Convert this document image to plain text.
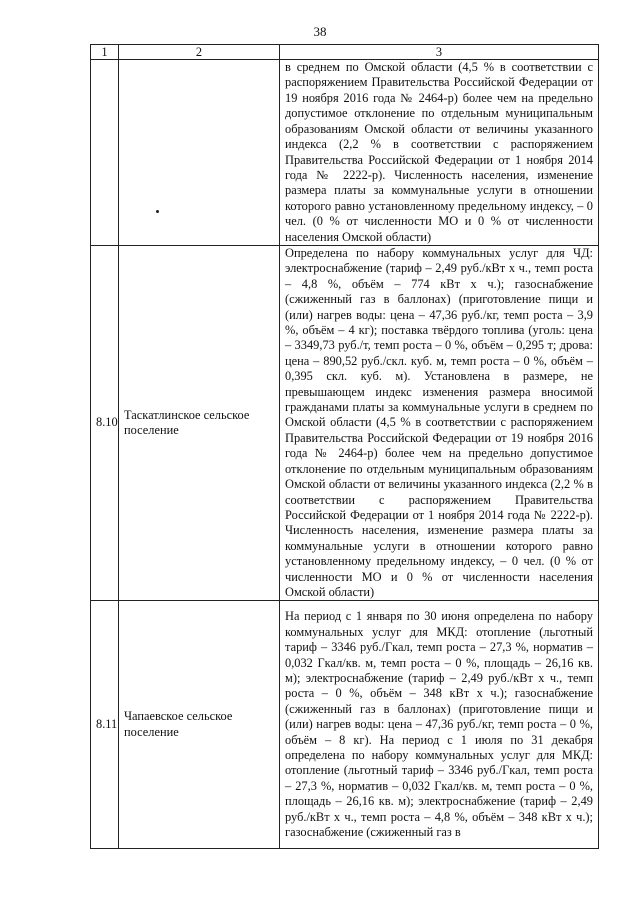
38
1	2	3
		в среднем по Омской области (4,5 % в соответствии с распоряжением Правительства Российской Федерации от 19 ноября 2016 года № 2464-р) более чем на предельно допустимое отклонение по отдельным муниципальным образованиям Омской области от величины указанного индекса (2,2 % в соответствии с распоряжением Правительства Российской Федерации от 1 ноября 2014 года № 2222-р). Численность населения, изменение размера платы за коммунальные услуги в отношении которого равно установленному предельному индексу, – 0 чел. (0 % от численности МО и 0 % от численности населения Омской области)
8.10	Таскатлинское сельское поселение	Определена по набору коммунальных услуг для ЧД: электроснабжение (тариф – 2,49 руб./кВт х ч., темп роста – 4,8 %, объём – 774 кВт х ч.); газоснабжение (сжиженный газ в баллонах) (приготовление пищи и (или) нагрев воды: цена – 47,36 руб./кг, темп роста – 3,9 %, объём – 4 кг); поставка твёрдого топлива (уголь: цена – 3349,73 руб./т, темп роста – 0 %, объём – 0,295 т; дрова: цена – 890,52 руб./скл. куб. м, темп роста – 0 %, объём – 0,395 скл. куб. м). Установлена в размере, не превышающем индекс изменения размера вносимой гражданами платы за коммунальные услуги в среднем по Омской области (4,5 % в соответствии с распоряжением Правительства Российской Федерации от 19 ноября 2016 года № 2464-р) более чем на предельно допустимое отклонение по отдельным муниципальным образованиям Омской области от величины указанного индекса (2,2 % в соответствии с распоряжением Правительства Российской Федерации от 1 ноября 2014 года № 2222-р). Численность населения, изменение размера платы за коммунальные услуги в отношении которого равно установленному предельному индексу, – 0 чел. (0 % от численности МО и 0 % от численности населения Омской области)
8.11	Чапаевское сельское поселение	На период с 1 января по 30 июня определена по набору коммунальных услуг для МКД: отопление (льготный тариф – 3346 руб./Гкал, темп роста – 27,3 %, норматив – 0,032 Гкал/кв. м, темп роста – 0 %, площадь – 26,16 кв. м); электроснабжение (тариф – 2,49 руб./кВт х ч., темп роста – 0 %, объём – 348 кВт х ч.); газоснабжение (сжиженный газ в баллонах) (приготовление пищи и (или) нагрев воды: цена – 47,36 руб./кг, темп роста – 0 %, объём – 8 кг). На период с 1 июля по 31 декабря определена по набору коммунальных услуг для МКД: отопление (льготный тариф – 3346 руб./Гкал, темп роста – 27,3 %, норматив – 0,032 Гкал/кв. м, темп роста – 0 %, площадь – 26,16 кв. м); электроснабжение (тариф – 2,49 руб./кВт х ч., темп роста – 4,8 %, объём – 348 кВт х ч.); газоснабжение (сжиженный газ в
